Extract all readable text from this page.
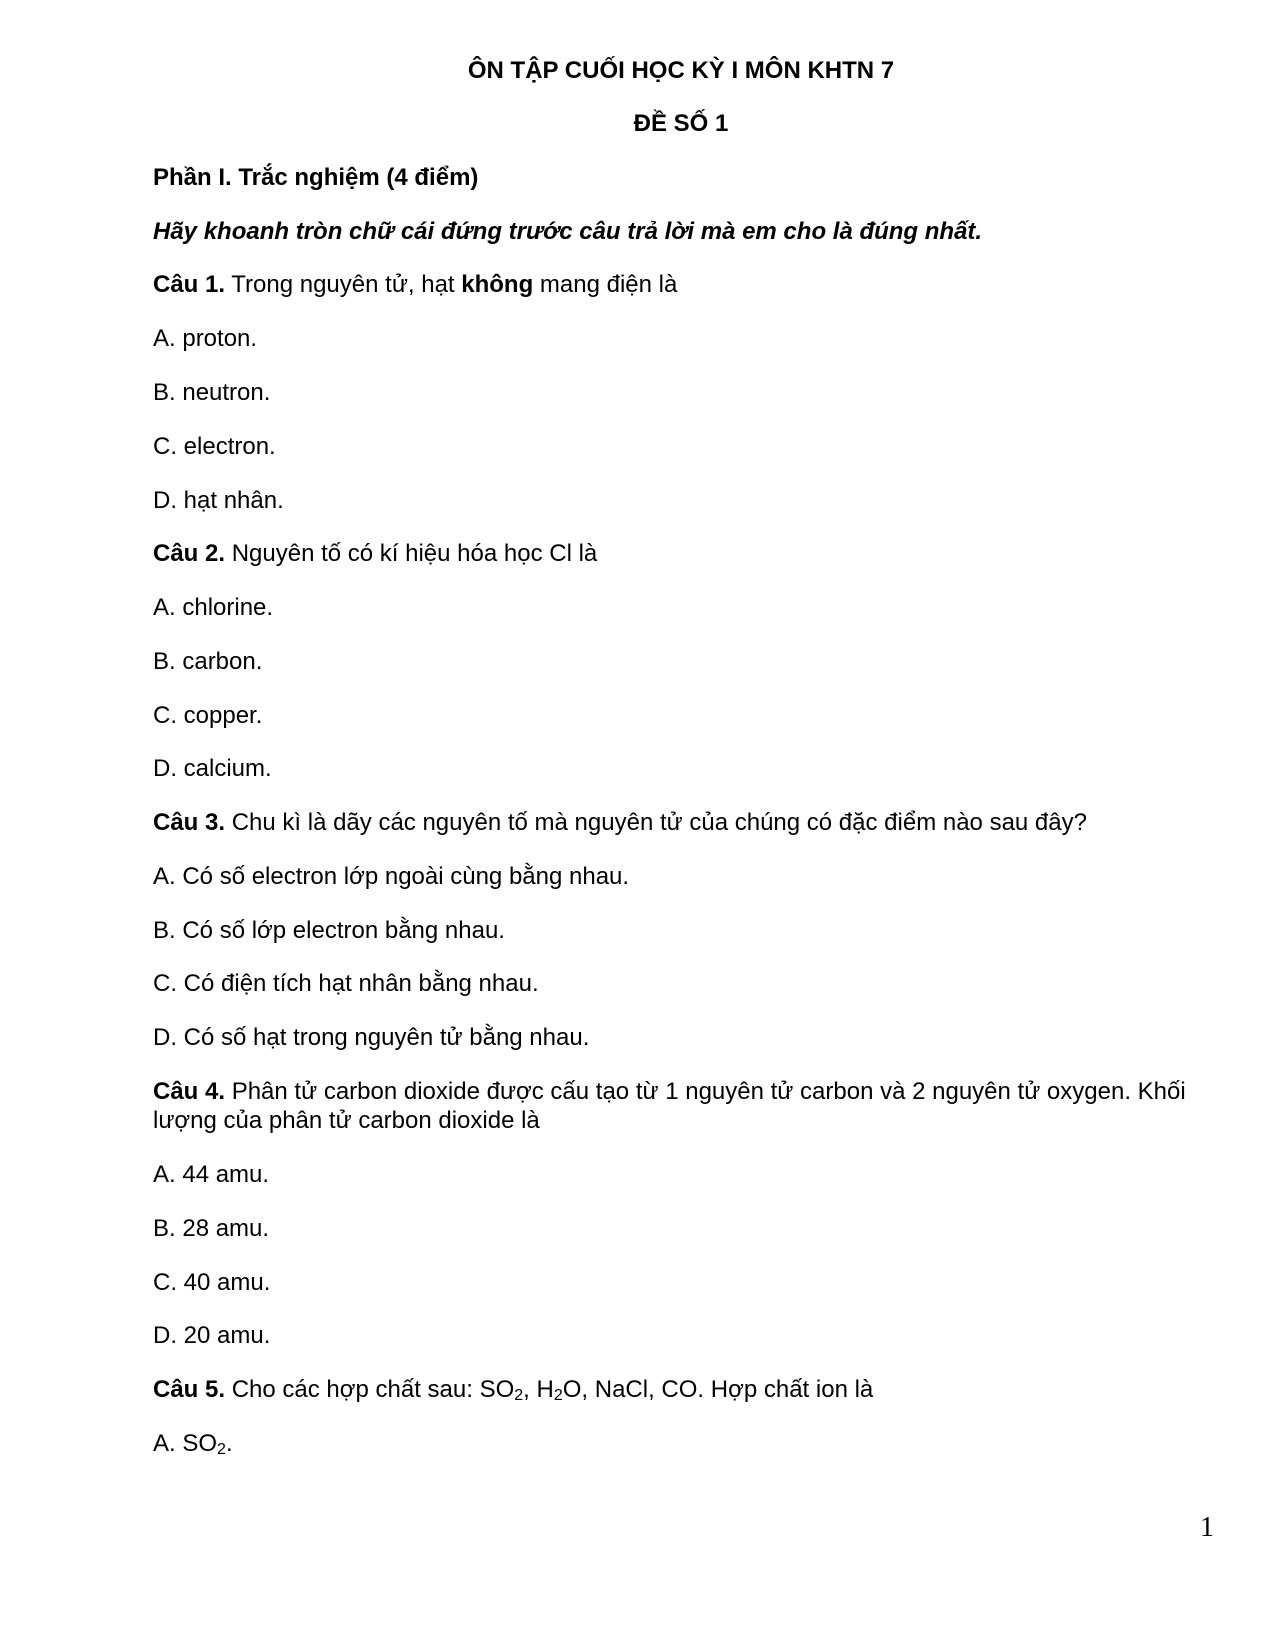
ÔN TẬP CUỐI HỌC KỲ I MÔN KHTN 7
ĐỀ SỐ 1
Phần I. Trắc nghiệm (4 điểm)
Hãy khoanh tròn chữ cái đứng trước câu trả lời mà em cho là đúng nhất.
Câu 1. Trong nguyên tử, hạt không mang điện là
A. proton.
B. neutron.
C. electron.
D. hạt nhân.
Câu 2. Nguyên tố có kí hiệu hóa học Cl là
A. chlorine.
B. carbon.
C. copper.
D. calcium.
Câu 3. Chu kì là dãy các nguyên tố mà nguyên tử của chúng có đặc điểm nào sau đây?
A. Có số electron lớp ngoài cùng bằng nhau.
B. Có số lớp electron bằng nhau.
C. Có điện tích hạt nhân bằng nhau.
D. Có số hạt trong nguyên tử bằng nhau.
Câu 4. Phân tử carbon dioxide được cấu tạo từ 1 nguyên tử carbon và 2 nguyên tử oxygen. Khối
lượng của phân tử carbon dioxide là
A. 44 amu.
B. 28 amu.
C. 40 amu.
D. 20 amu.
Câu 5. Cho các hợp chất sau: $SO_2$, $H_2O$, NaCl, CO. Hợp chất ion là
A. $SO_2$.
1
